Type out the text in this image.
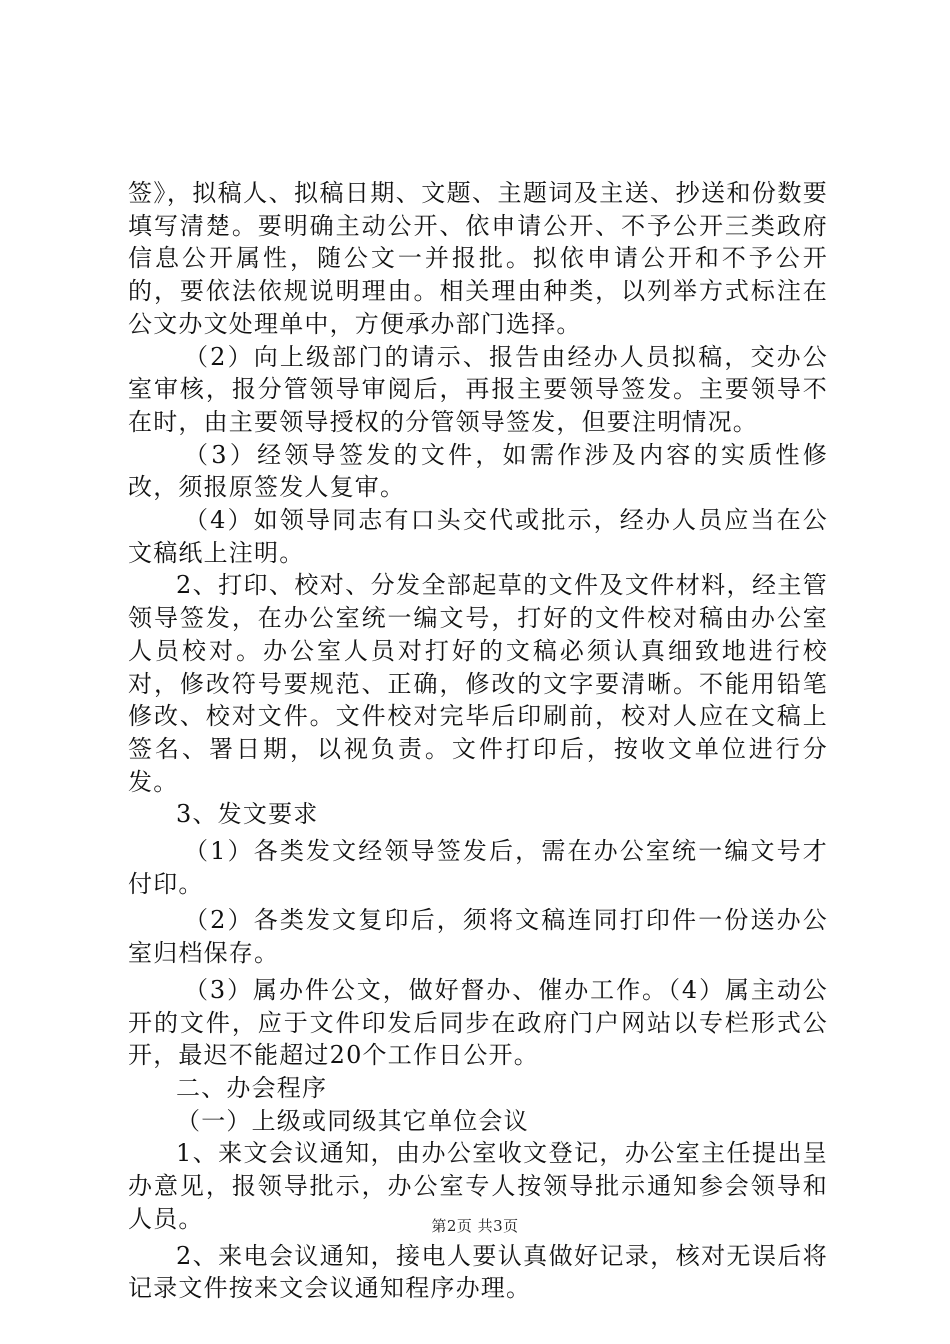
签》，拟稿人、拟稿日期、文题、主题词及主送、抄送和份数要填写清楚。要明确主动公开、依申请公开、不予公开三类政府信息公开属性，随公文一并报批。拟依申请公开和不予公开的，要依法依规说明理由。相关理由种类，以列举方式标注在公文办文处理单中，方便承办部门选择。

（2）向上级部门的请示、报告由经办人员拟稿，交办公室审核，报分管领导审阅后，再报主要领导签发。主要领导不在时，由主要领导授权的分管领导签发，但要注明情况。

（3）经领导签发的文件，如需作涉及内容的实质性修改，须报原签发人复审。

（4）如领导同志有口头交代或批示，经办人员应当在公文稿纸上注明。

2、打印、校对、分发全部起草的文件及文件材料，经主管领导签发，在办公室统一编文号，打好的文件校对稿由办公室人员校对。办公室人员对打好的文稿必须认真细致地进行校对，修改符号要规范、正确，修改的文字要清晰。不能用铅笔修改、校对文件。文件校对完毕后印刷前，校对人应在文稿上签名、署日期，以视负责。文件打印后，按收文单位进行分发。

3、发文要求

（1）各类发文经领导签发后，需在办公室统一编文号才付印。

（2）各类发文复印后，须将文稿连同打印件一份送办公室归档保存。

（3）属办件公文，做好督办、催办工作。（4）属主动公开的文件，应于文件印发后同步在政府门户网站以专栏形式公开，最迟不能超过20个工作日公开。

二、办会程序

（一）上级或同级其它单位会议

1、来文会议通知，由办公室收文登记，办公室主任提出呈办意见，报领导批示，办公室专人按领导批示通知参会领导和人员。

2、来电会议通知，接电人要认真做好记录，核对无误后将记录文件按来文会议通知程序办理。

第2页 共3页
